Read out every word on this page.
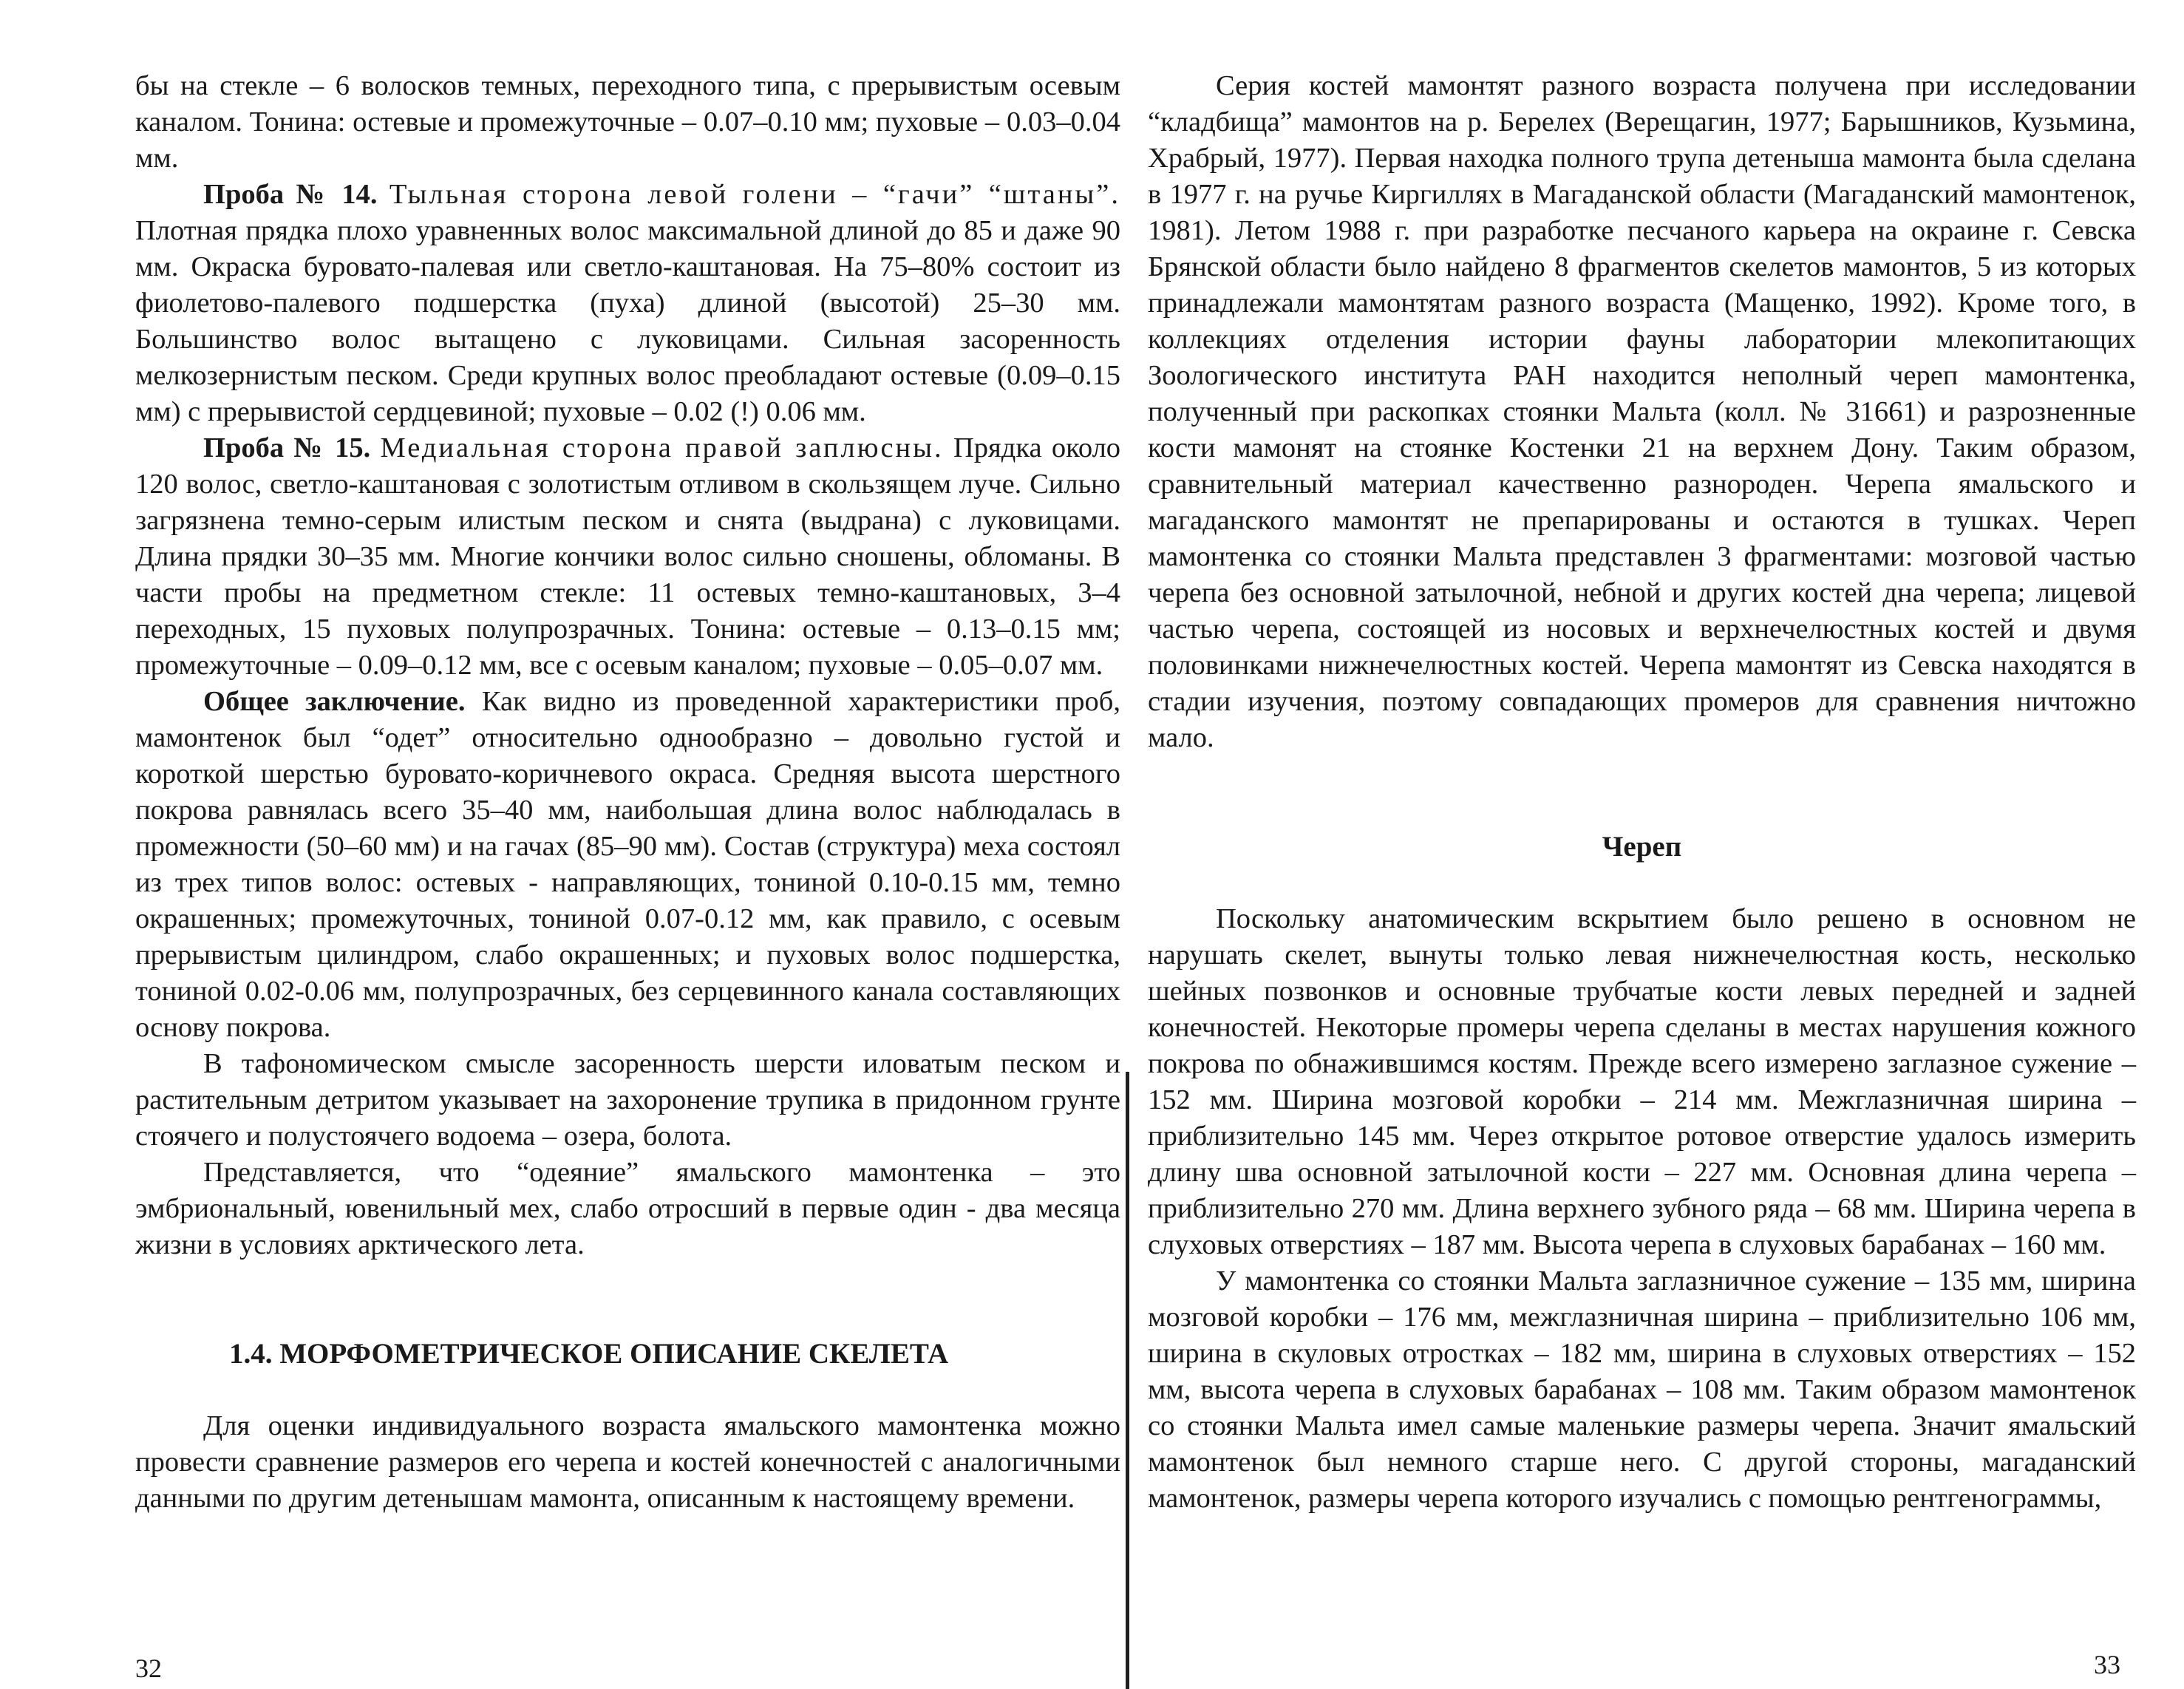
бы на стекле – 6 волосков темных, переходного типа, с прерывистым осевым каналом. Тонина: остевые и промежуточные – 0.07–0.10 мм; пуховые – 0.03–0.04 мм.

Проба № 14. Тыльная сторона левой голени – “гачи” “штаны”. Плотная прядка плохо уравненных волос максимальной длиной до 85 и даже 90 мм. Окраска буровато-палевая или светло-каштановая. На 75–80% состоит из фиолетово-палевого подшерстка (пуха) длиной (высотой) 25–30 мм. Большинство волос вытащено с луковицами. Сильная засоренность мелкозернистым песком. Среди крупных волос преобладают остевые (0.09–0.15 мм) с прерывистой сердцевиной; пуховые – 0.02 (!) 0.06 мм.

Проба № 15. Медиальная сторона правой заплюсны. Прядка около 120 волос, светло-каштановая с золотистым отливом в скользящем луче. Сильно загрязнена темно-серым илистым песком и снята (выдрана) с луковицами. Длина прядки 30–35 мм. Многие кончики волос сильно сношены, обломаны. В части пробы на предметном стекле: 11 остевых темно-каштановых, 3–4 переходных, 15 пуховых полупрозрачных. Тонина: остевые – 0.13–0.15 мм; промежуточные – 0.09–0.12 мм, все с осевым каналом; пуховые – 0.05–0.07 мм.

Общее заключение. Как видно из проведенной характеристики проб, мамонтенок был “одет” относительно однообразно – довольно густой и короткой шерстью буровато-коричневого окраса. Средняя высота шерстного покрова равнялась всего 35–40 мм, наибольшая длина волос наблюдалась в промежности (50–60 мм) и на гачах (85–90 мм). Состав (структура) меха состоял из трех типов волос: остевых - направляющих, тониной 0.10-0.15 мм, темно окрашенных; промежуточных, тониной 0.07-0.12 мм, как правило, с осевым прерывистым цилиндром, слабо окрашенных; и пуховых волос подшерстка, тониной 0.02-0.06 мм, полупрозрачных, без серцевинного канала составляющих основу покрова.

В тафономическом смысле засоренность шерсти иловатым песком и растительным детритом указывает на захоронение трупика в придонном грунте стоячего и полустоячего водоема – озера, болота.

Представляется, что “одеяние” ямальского мамонтенка – это эмбриональный, ювенильный мех, слабо отросший в первые один - два месяца жизни в условиях арктического лета.

1.4. МОРФОМЕТРИЧЕСКОЕ ОПИСАНИЕ СКЕЛЕТА

Для оценки индивидуального возраста ямальского мамонтенка можно провести сравнение размеров его черепа и костей конечностей с аналогичными данными по другим детенышам мамонта, описанным к настоящему времени.

32

Серия костей мамонтят разного возраста получена при исследовании “кладбища” мамонтов на р. Берелех (Верещагин, 1977; Барышников, Кузьмина, Храбрый, 1977). Первая находка полного трупа детеныша мамонта была сделана в 1977 г. на ручье Киргиллях в Магаданской области (Магаданский мамонтенок, 1981). Летом 1988 г. при разработке песчаного карьера на окраине г. Севска Брянской области было найдено 8 фрагментов скелетов мамонтов, 5 из которых принадлежали мамонтятам разного возраста (Мащенко, 1992). Кроме того, в коллекциях отделения истории фауны лаборатории млекопитающих Зоологического института РАН находится неполный череп мамонтенка, полученный при раскопках стоянки Мальта (колл. № 31661) и разрозненные кости мамонят на стоянке Костенки 21 на верхнем Дону. Таким образом, сравнительный материал качественно разнороден. Черепа ямальского и магаданского мамонтят не препарированы и остаются в тушках. Череп мамонтенка со стоянки Мальта представлен 3 фрагментами: мозговой частью черепа без основной затылочной, небной и других костей дна черепа; лицевой частью черепа, состоящей из носовых и верхнечелюстных костей и двумя половинками нижнечелюстных костей. Черепа мамонтят из Севска находятся в стадии изучения, поэтому совпадающих промеров для сравнения ничтожно мало.

Череп

Поскольку анатомическим вскрытием было решено в основном не нарушать скелет, вынуты только левая нижнечелюстная кость, несколько шейных позвонков и основные трубчатые кости левых передней и задней конечностей. Некоторые промеры черепа сделаны в местах нарушения кожного покрова по обнажившимся костям. Прежде всего измерено заглазное сужение – 152 мм. Ширина мозговой коробки – 214 мм. Межглазничная ширина – приблизительно 145 мм. Через открытое ротовое отверстие удалось измерить длину шва основной затылочной кости – 227 мм. Основная длина черепа – приблизительно 270 мм. Длина верхнего зубного ряда – 68 мм. Ширина черепа в слуховых отверстиях – 187 мм. Высота черепа в слуховых барабанах – 160 мм.

У мамонтенка со стоянки Мальта заглазничное сужение – 135 мм, ширина мозговой коробки – 176 мм, межглазничная ширина – приблизительно 106 мм, ширина в скуловых отростках – 182 мм, ширина в слуховых отверстиях – 152 мм, высота черепа в слуховых барабанах – 108 мм. Таким образом мамонтенок со стоянки Мальта имел самые маленькие размеры черепа. Значит ямальский мамонтенок был немного старше него. С другой стороны, магаданский мамонтенок, размеры черепа которого изучались с помощью рентгенограммы,

33
